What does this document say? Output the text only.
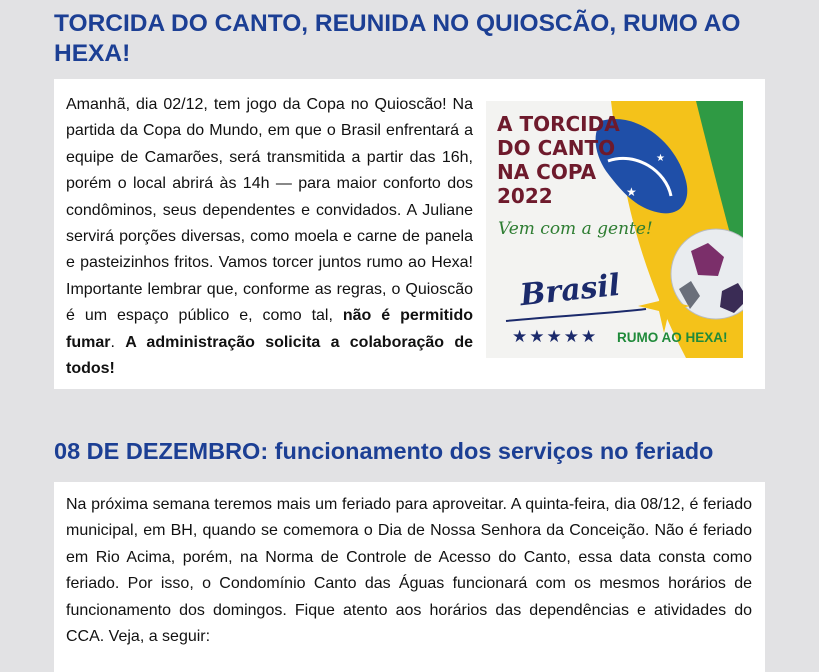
TORCIDA DO CANTO, REUNIDA NO QUIOSCÃO, RUMO AO HEXA!

Amanhã, dia 02/12, tem jogo da Copa no Quioscão! Na partida da Copa do Mundo, em que o Brasil enfrentará a equipe de Camarões, será transmitida a partir das 16h, porém o local abrirá às 14h — para maior conforto dos condôminos, seus dependentes e convidados. A Juliane servirá porções diversas, como moela e carne de panela e pasteizinhos fritos. Vamos torcer juntos rumo ao Hexa! Importante lembrar que, conforme as regras, o Quioscão é um espaço público e, como tal, não é permitido fumar. A administração solicita a colaboração de todos!

★
★
A TORCIDA
DO CANTO
NA COPA
2022
Vem com a gente!
Brasil
★★★★★ RUMO AO HEXA!
08 DE DEZEMBRO: funcionamento dos serviços no feriado

Na próxima semana teremos mais um feriado para aproveitar. A quinta-feira, dia 08/12, é feriado municipal, em BH, quando se comemora o Dia de Nossa Senhora da Conceição. Não é feriado em Rio Acima, porém, na Norma de Controle de Acesso do Canto, essa data consta como feriado. Por isso, o Condomínio Canto das Águas funcionará com os mesmos horários de funcionamento dos domingos. Fique atento aos horários das dependências e atividades do CCA. Veja, a seguir:
